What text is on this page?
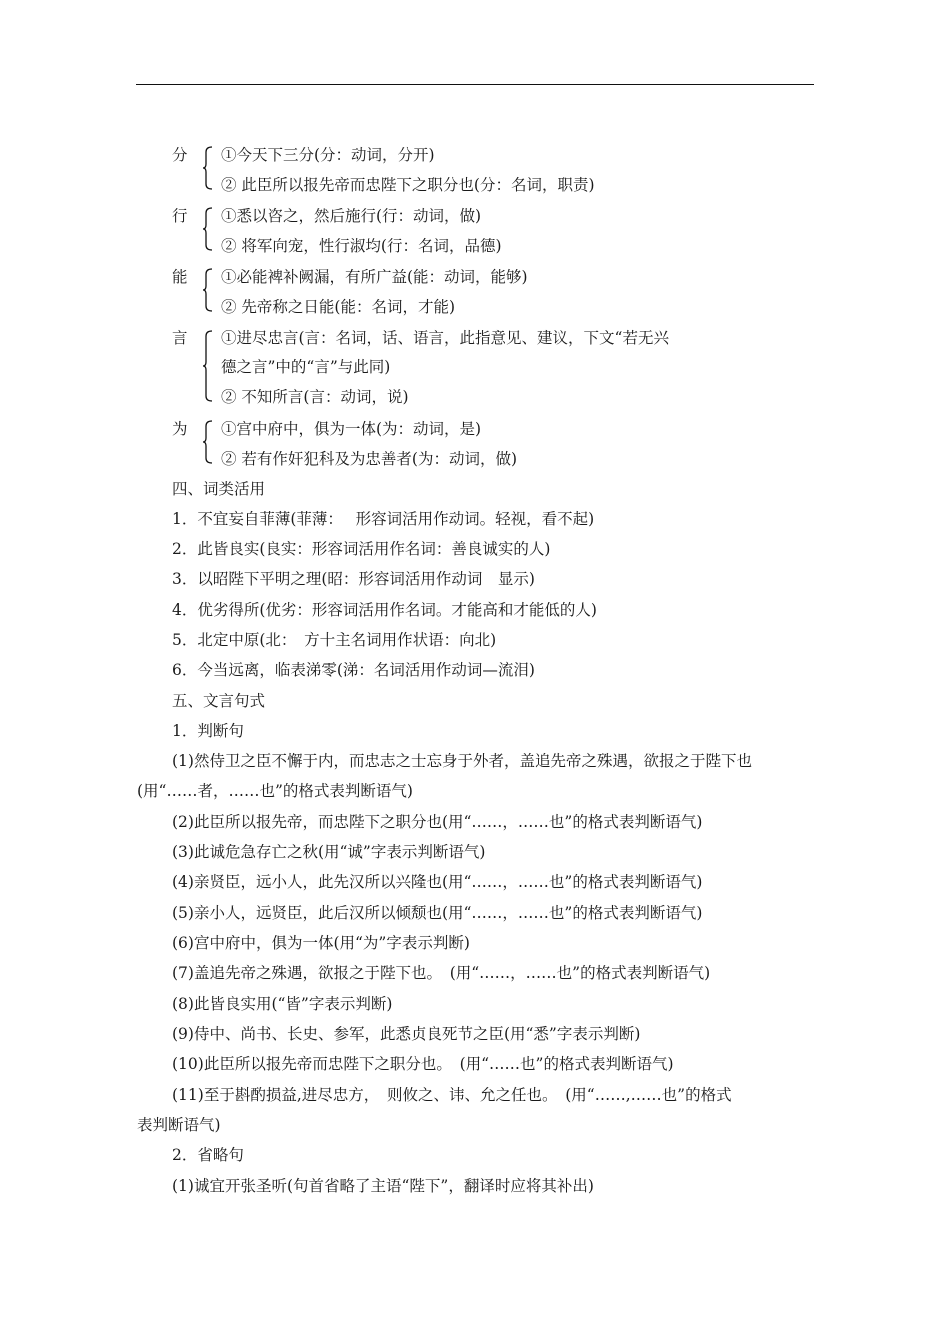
分 ①今天下三分(分：动词，分开)
② 此臣所以报先帝而忠陛下之职分也(分：名词，职责)
行 ①悉以咨之，然后施行(行：动词，做)
② 将军向宠，性行淑均(行：名词，品德)
能 ①必能裨补阙漏，有所广益(能：动词，能够)
② 先帝称之日能(能：名词，才能)
言 ①进尽忠言(言：名词，话、语言，此指意见、建议，下文“若无兴
德之言”中的“言”与此同)
② 不知所言(言：动词，说)
为 ①宫中府中，俱为一体(为：动词，是)
② 若有作奸犯科及为忠善者(为：动词，做)
四、词类活用
1．不宜妄自菲薄(菲薄：　 形容词活用作动词。轻视，看不起)
2．此皆良实(良实：形容词活用作名词：善良诚实的人)
3．以昭陛下平明之理(昭：形容词活用作动词　显示)
4．优劣得所(优劣：形容词活用作名词。才能高和才能低的人)
5．北定中原(北：　方十主名词用作状语：向北)
6．今当远离，临表涕零(涕：名词活用作动词—流泪)
五、文言句式
1．判断句
(1)然侍卫之臣不懈于内，而忠志之士忘身于外者，盖追先帝之殊遇，欲报之于陛下也
(用“……者，……也”的格式表判断语气)
(2)此臣所以报先帝，而忠陛下之职分也(用“……，……也”的格式表判断语气)
(3)此诚危急存亡之秋(用“诚”字表示判断语气)
(4)亲贤臣，远小人，此先汉所以兴隆也(用“……，……也”的格式表判断语气)
(5)亲小人，远贤臣，此后汉所以倾颓也(用“……，……也”的格式表判断语气)
(6)宫中府中，俱为一体(用“为”字表示判断)
(7)盖追先帝之殊遇，欲报之于陛下也。　(用“……，……也”的格式表判断语气)
(8)此皆良实用(“皆”字表示判断)
(9)侍中、尚书、长史、参军，此悉贞良死节之臣(用“悉”字表示判断)
(10)此臣所以报先帝而忠陛下之职分也。　(用“……也”的格式表判断语气)
(11)至于斟酌损益,进尽忠方，　则攸之、讳、允之任也。　(用“……,……也”的格式
表判断语气)
2．省略句
(1)诚宜开张圣听(句首省略了主语“陛下”，翻译时应将其补出)
